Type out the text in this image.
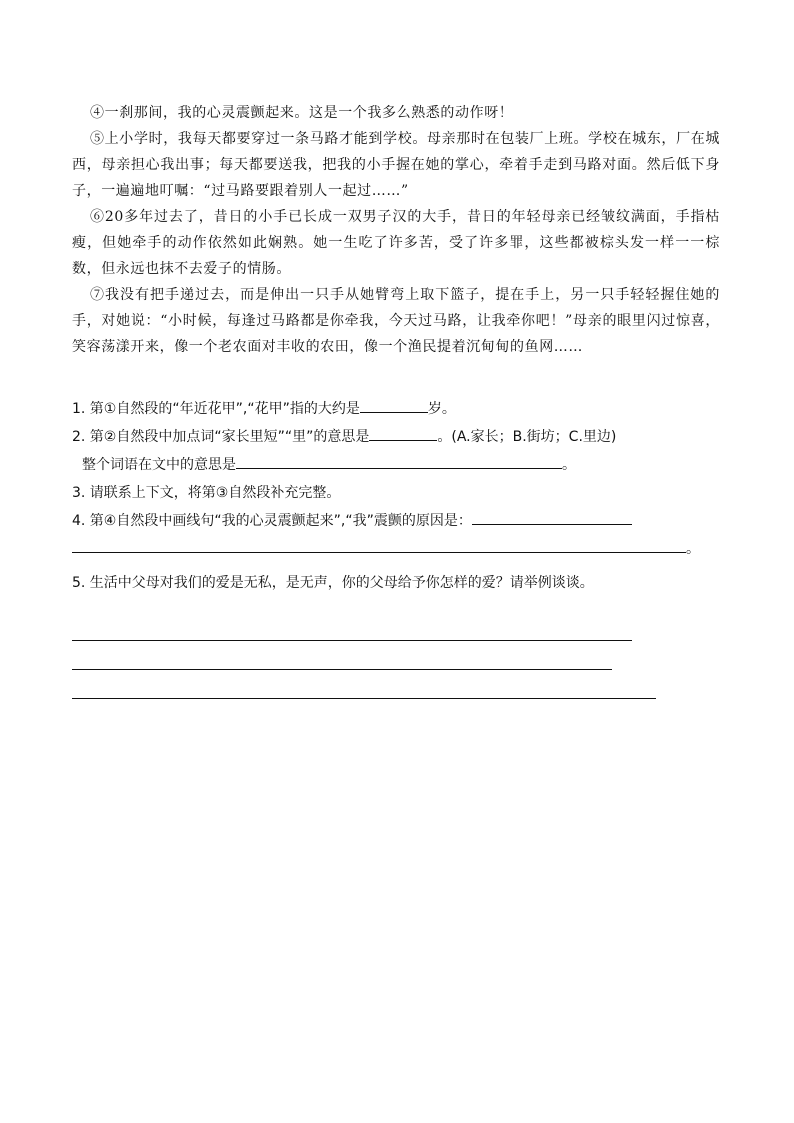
④一刹那间，我的心灵震颤起来。这是一个我多么熟悉的动作呀！

⑤上小学时，我每天都要穿过一条马路才能到学校。母亲那时在包装厂上班。学校在城东，厂在城西，母亲担心我出事；每天都要送我，把我的小手握在她的掌心，牵着手走到马路对面。然后低下身子，一遍遍地叮嘱：“过马路要跟着别人一起过……”

⑥20多年过去了，昔日的小手已长成一双男子汉的大手，昔日的年轻母亲已经皱纹满面，手指枯瘦，但她牵手的动作依然如此娴熟。她一生吃了许多苦，受了许多罪，这些都被棕头发一样一一棕数，但永远也抹不去爱子的情肠。

⑦我没有把手递过去，而是伸出一只手从她臂弯上取下篮子，提在手上，另一只手轻轻握住她的手，对她说：“小时候，每逢过马路都是你牵我，今天过马路，让我牵你吧！”母亲的眼里闪过惊喜，笑容荡漾开来，像一个老农面对丰收的农田，像一个渔民提着沉甸甸的鱼网……

1. 第①自然段的“年近花甲”,“花甲”指的大约是	岁。
2. 第②自然段中加点词“家长里短”“里”的意思是	。(A.家长；B.街坊；C.里边)
整个词语在文中的意思是	。
3. 请联系上下文，将第③自然段补充完整。
4. 第④自然段中画线句“我的心灵震颤起来”,“我”震颤的原因是：
。
5. 生活中父母对我们的爱是无私，是无声，你的父母给予你怎样的爱？请举例谈谈。
